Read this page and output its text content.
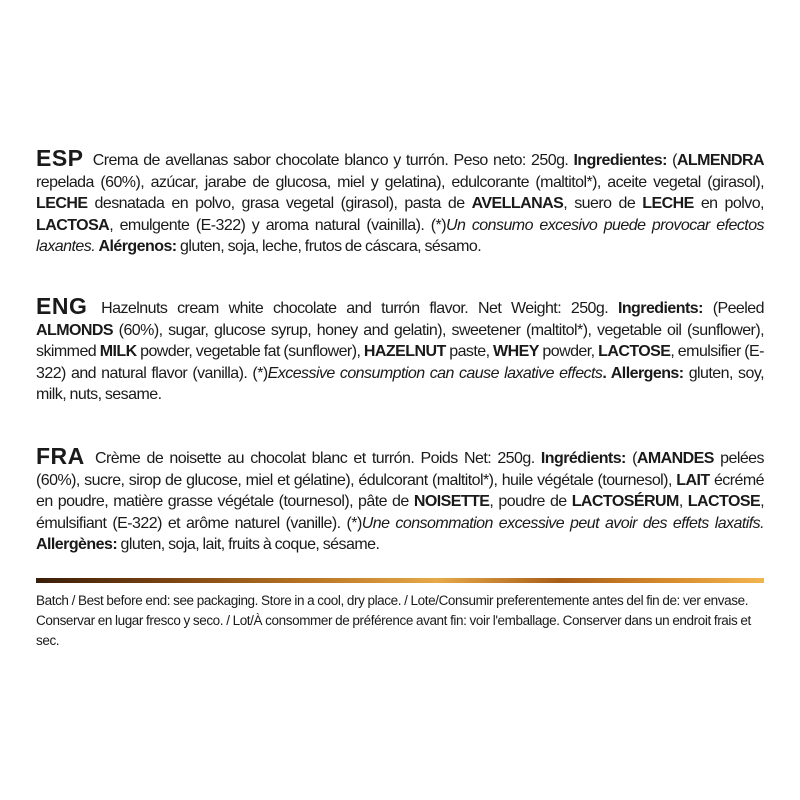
ESP Crema de avellanas sabor chocolate blanco y turrón. Peso neto: 250g. Ingredientes: (ALMENDRA repelada (60%), azúcar, jarabe de glucosa, miel y gelatina), edulcorante (maltitol*), aceite vegetal (girasol), LECHE desnatada en polvo, grasa vegetal (girasol), pasta de AVELLANAS, suero de LECHE en polvo, LACTOSA, emulgente (E-322) y aroma natural (vainilla). (*)Un consumo excesivo puede provocar efectos laxantes. Alérgenos: gluten, soja, leche, frutos de cáscara, sésamo.

ENG Hazelnuts cream white chocolate and turrón flavor. Net Weight: 250g. Ingredients: (Peeled ALMONDS (60%), sugar, glucose syrup, honey and gelatin), sweetener (maltitol*), vegetable oil (sunflower), skimmed MILK powder, vegetable fat (sunflower), HAZELNUT paste, WHEY powder, LACTOSE, emulsifier (E-322) and natural flavor (vanilla). (*)Excessive consumption can cause laxative effects. Allergens: gluten, soy, milk, nuts, sesame.

FRA Crème de noisette au chocolat blanc et turrón. Poids Net: 250g. Ingrédients: (AMANDES pelées (60%), sucre, sirop de glucose, miel et gélatine), édulcorant (maltitol*), huile végétale (tournesol), LAIT écrémé en poudre, matière grasse végétale (tournesol), pâte de NOISETTE, poudre de LACTOSÉRUM, LACTOSE, émulsifiant (E-322) et arôme naturel (vanille). (*)Une consommation excessive peut avoir des effets laxatifs. Allergènes: gluten, soja, lait, fruits à coque, sésame.

Batch / Best before end: see packaging. Store in a cool, dry place. / Lote/Consumir preferentemente antes del fin de: ver envase. Conservar en lugar fresco y seco. / Lot/À consommer de préférence avant fin: voir l'emballage. Conserver dans un endroit frais et sec.
